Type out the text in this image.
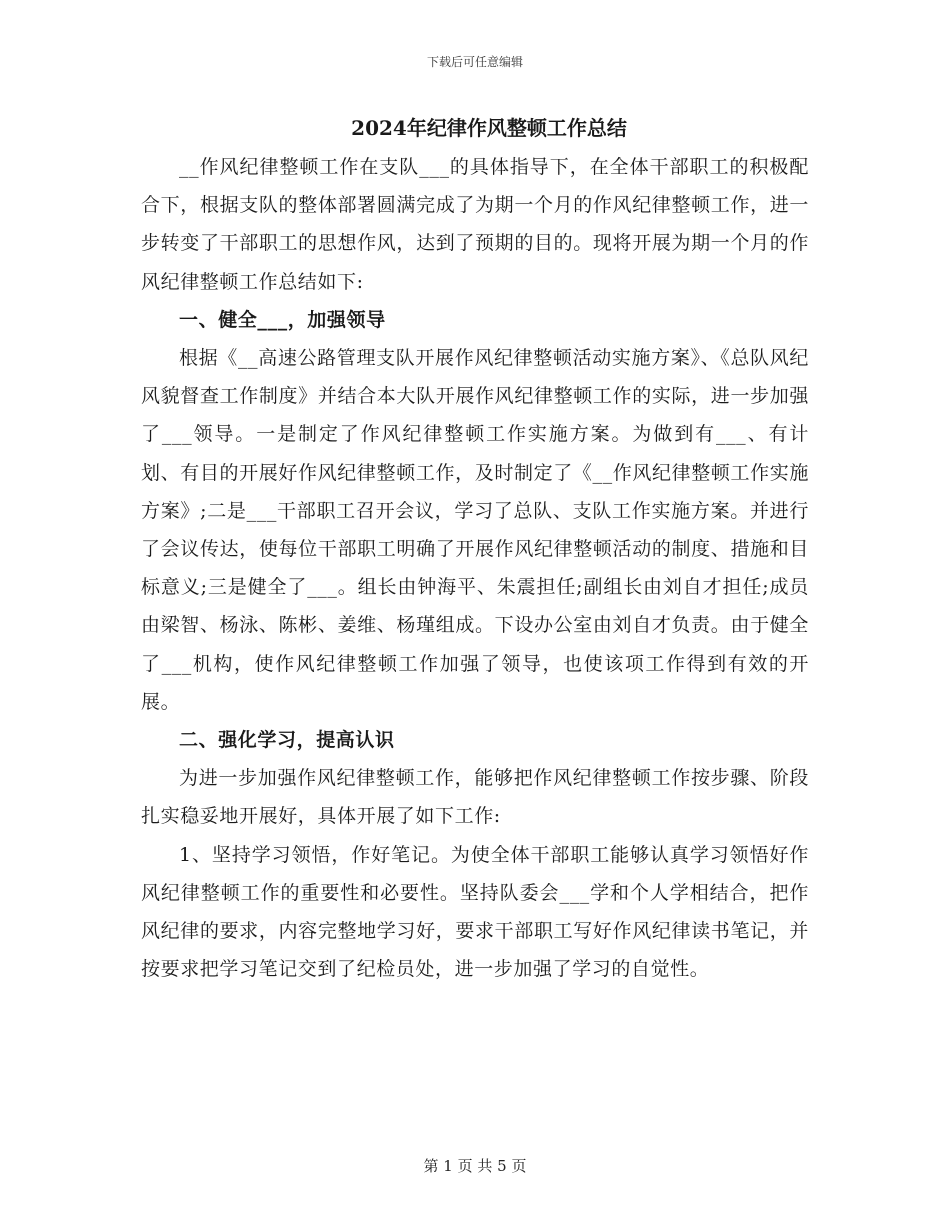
下载后可任意编辑
2024年纪律作风整顿工作总结

__作风纪律整顿工作在支队___的具体指导下，在全体干部职工的积极配合下，根据支队的整体部署圆满完成了为期一个月的作风纪律整顿工作，进一步转变了干部职工的思想作风，达到了预期的目的。现将开展为期一个月的作风纪律整顿工作总结如下:

一、健全___，加强领导

根据《__高速公路管理支队开展作风纪律整顿活动实施方案》、《总队风纪风貌督查工作制度》并结合本大队开展作风纪律整顿工作的实际，进一步加强了___领导。一是制定了作风纪律整顿工作实施方案。为做到有___、有计划、有目的开展好作风纪律整顿工作，及时制定了《__作风纪律整顿工作实施方案》;二是___干部职工召开会议，学习了总队、支队工作实施方案。并进行了会议传达，使每位干部职工明确了开展作风纪律整顿活动的制度、措施和目标意义;三是健全了___。组长由钟海平、朱震担任;副组长由刘自才担任;成员由梁智、杨泳、陈彬、姜维、杨瑾组成。下设办公室由刘自才负责。由于健全了___机构，使作风纪律整顿工作加强了领导，也使该项工作得到有效的开展。

二、强化学习，提高认识

为进一步加强作风纪律整顿工作，能够把作风纪律整顿工作按步骤、阶段扎实稳妥地开展好，具体开展了如下工作:

1、坚持学习领悟，作好笔记。为使全体干部职工能够认真学习领悟好作风纪律整顿工作的重要性和必要性。坚持队委会___学和个人学相结合，把作风纪律的要求，内容完整地学习好，要求干部职工写好作风纪律读书笔记，并按要求把学习笔记交到了纪检员处，进一步加强了学习的自觉性。

第 1 页 共 5 页
